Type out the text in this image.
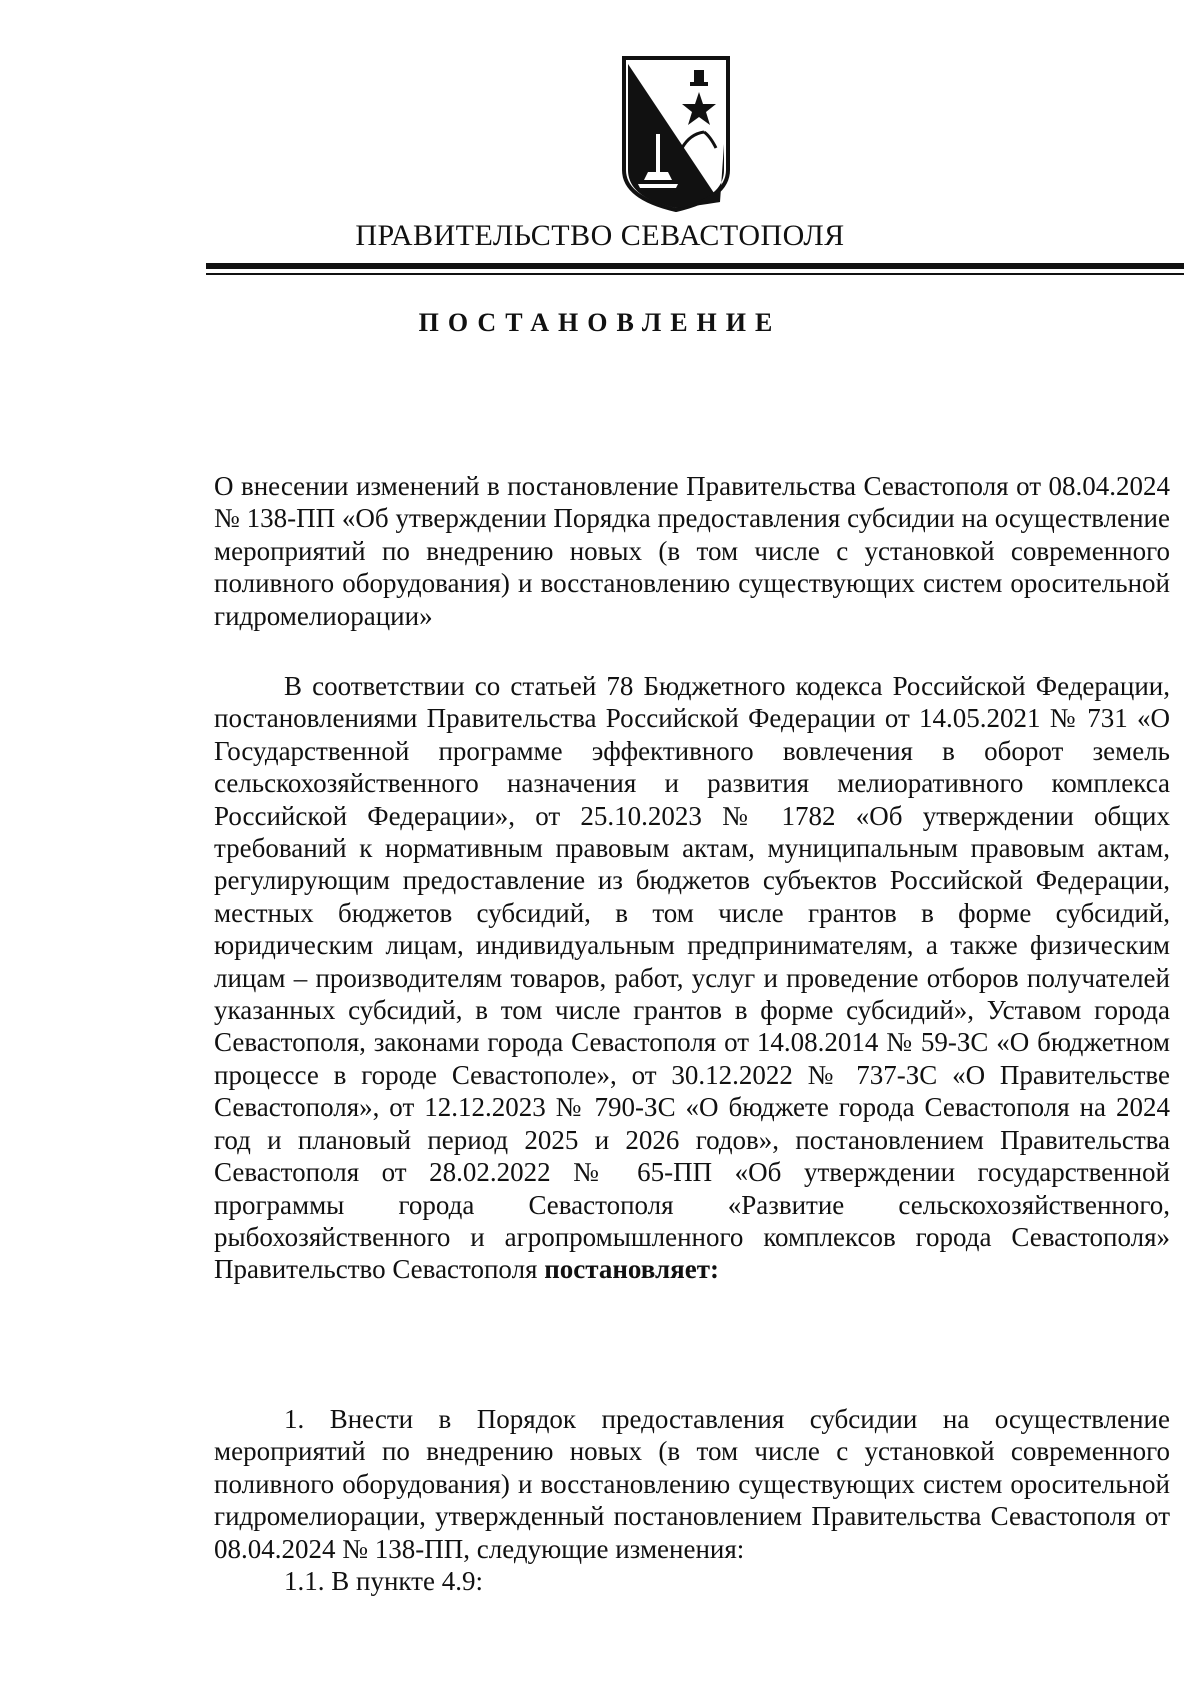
ПРАВИТЕЛЬСТВО СЕВАСТОПОЛЯ
ПОСТАНОВЛЕНИЕ
О внесении изменений в постановление Правительства Севастополя от 08.04.2024 № 138-ПП «Об утверждении Порядка предоставления субсидии на осуществление мероприятий по внедрению новых (в том числе с установкой современного поливного оборудования) и восстановлению существующих систем оросительной гидромелиорации»
В соответствии со статьей 78 Бюджетного кодекса Российской Федерации, постановлениями Правительства Российской Федерации от 14.05.2021 № 731 «О Государственной программе эффективного вовлечения в оборот земель сельскохозяйственного назначения и развития мелиоративного комплекса Российской Федерации», от 25.10.2023 № 1782 «Об утверждении общих требований к нормативным правовым актам, муниципальным правовым актам, регулирующим предоставление из бюджетов субъектов Российской Федерации, местных бюджетов субсидий, в том числе грантов в форме субсидий, юридическим лицам, индивидуальным предпринимателям, а также физическим лицам – производителям товаров, работ, услуг и проведение отборов получателей указанных субсидий, в том числе грантов в форме субсидий», Уставом города Севастополя, законами города Севастополя от 14.08.2014 № 59-ЗС «О бюджетном процессе в городе Севастополе», от 30.12.2022 № 737-ЗС «О Правительстве Севастополя», от 12.12.2023 № 790-ЗС «О бюджете города Севастополя на 2024 год и плановый период 2025 и 2026 годов», постановлением Правительства Севастополя от 28.02.2022 № 65-ПП «Об утверждении государственной программы города Севастополя «Развитие сельскохозяйственного, рыбохозяйственного и агропромышленного комплексов города Севастополя» Правительство Севастополя постановляет:
1. Внести в Порядок предоставления субсидии на осуществление мероприятий по внедрению новых (в том числе с установкой современного поливного оборудования) и восстановлению существующих систем оросительной гидромелиорации, утвержденный постановлением Правительства Севастополя от 08.04.2024 № 138-ПП, следующие изменения:
1.1. В пункте 4.9:
